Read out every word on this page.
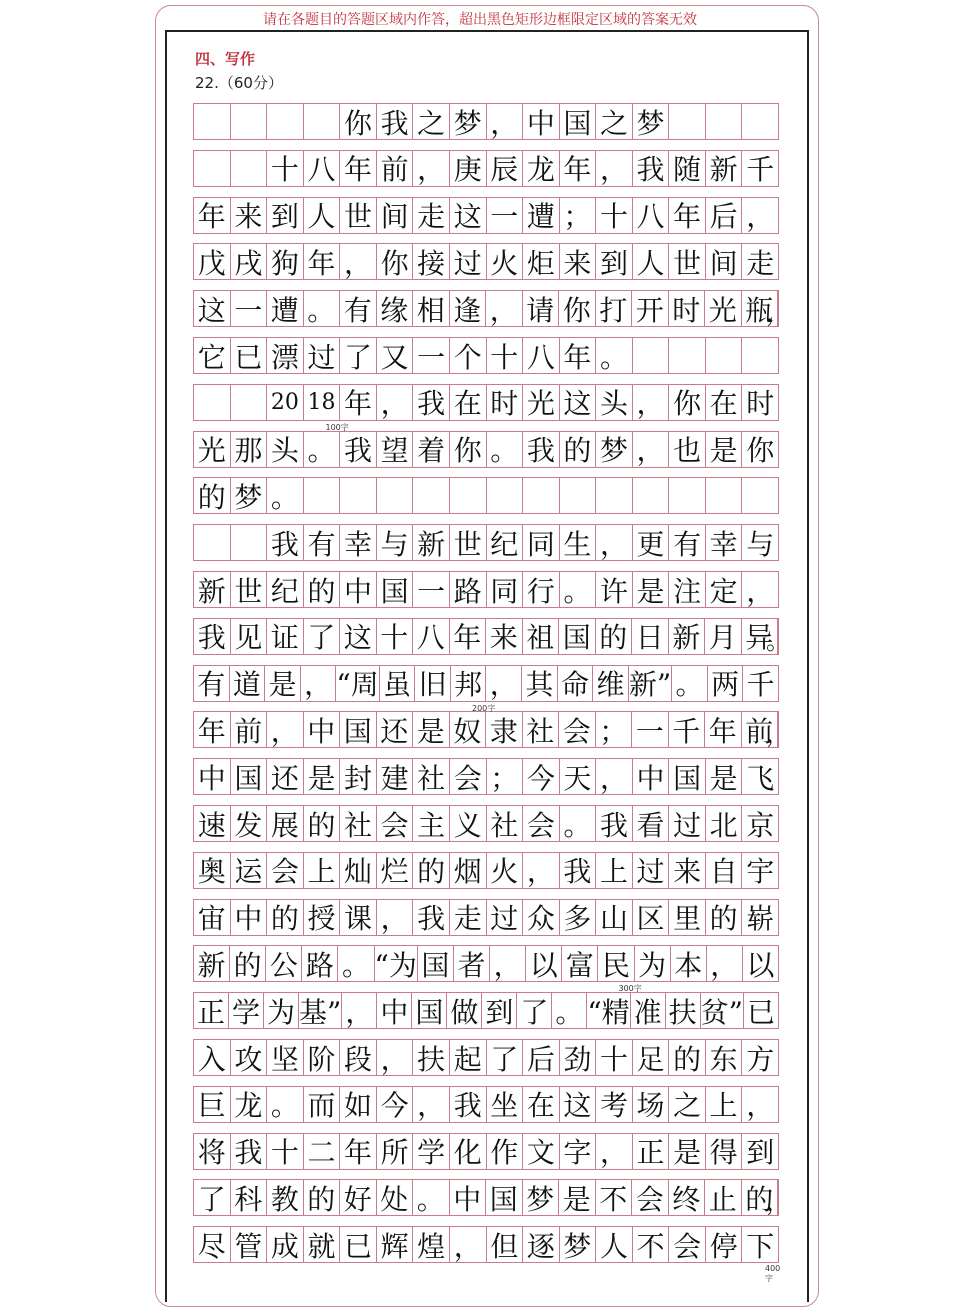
请在各题目的答题区域内作答，超出黑色矩形边框限定区域的答案无效
四、写作
22.（60分）
你 我 之 梦 ， 中 国 之 梦
十 八 年 前 ， 庚 辰 龙 年 ， 我 随 新 千
年 来 到 人 世 间 走 这 一 遭 ； 十 八 年 后 ，
戊 戌 狗 年 ， 你 接 过 火 炬 来 到 人 世 间 走
这 一 遭 。 有 缘 相 逢 ， 请 你 打 开 时 光 瓶
，
它 已 漂 过 了 又 一 个 十 八 年 。
20 18 年 ， 我 在 时 光 这 头 ， 你 在 时
光 那 头 。 我 望 着 你 。 我 的 梦 ， 也 是 你
的 梦 。
我 有 幸 与 新 世 纪 同 生 ， 更 有 幸 与
新 世 纪 的 中 国 一 路 同 行 。 许 是 注 定 ，
我 见 证 了 这 十 八 年 来 祖 国 的 日 新 月 异
。
有 道 是 ， “周 虽 旧 邦 ， 其 命 维 新” 。 两 千
年 前 ， 中 国 还 是 奴 隶 社 会 ； 一 千 年 前
，
中 国 还 是 封 建 社 会 ； 今 天 ， 中 国 是 飞
速 发 展 的 社 会 主 义 社 会 。 我 看 过 北 京
奥 运 会 上 灿 烂 的 烟 火 ， 我 上 过 来 自 宇
宙 中 的 授 课 ， 我 走 过 众 多 山 区 里 的 崭
新 的 公 路 。 “为 国 者 ， 以 富 民 为 本 ， 以
正 学 为 基” ， 中 国 做 到 了 。 “精 准 扶 贫” 已
入 攻 坚 阶 段 ， 扶 起 了 后 劲 十 足 的 东 方
巨 龙 。 而 如 今 ， 我 坐 在 这 考 场 之 上 ，
将 我 十 二 年 所 学 化 作 文 字 ， 正 是 得 到
了 科 教 的 好 处 。 中 国 梦 是 不 会 终 止 的
，
尽 管 成 就 已 辉 煌 ， 但 逐 梦 人 不 会 停 下
100字
200字
300字
400字
